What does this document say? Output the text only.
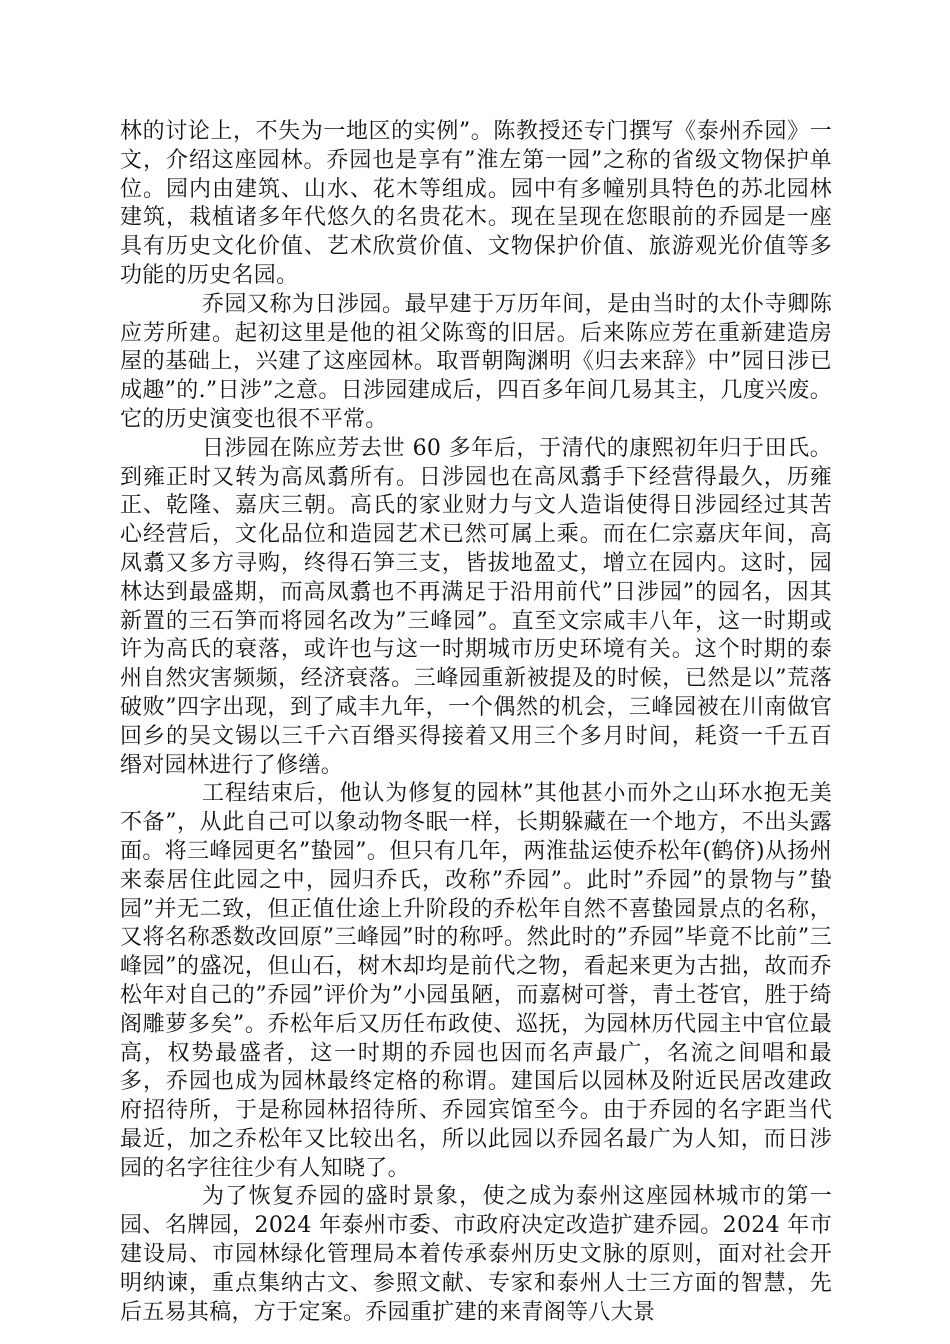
林的讨论上，不失为一地区的实例”。陈教授还专门撰写《泰州乔园》一文，介绍这座园林。乔园也是享有”淮左第一园”之称的省级文物保护单位。园内由建筑、山水、花木等组成。园中有多幢别具特色的苏北园林建筑，栽植诸多年代悠久的名贵花木。现在呈现在您眼前的乔园是一座具有历史文化价值、艺术欣赏价值、文物保护价值、旅游观光价值等多功能的历史名园。

乔园又称为日涉园。最早建于万历年间，是由当时的太仆寺卿陈应芳所建。起初这里是他的祖父陈鸾的旧居。后来陈应芳在重新建造房屋的基础上，兴建了这座园林。取晋朝陶渊明《归去来辞》中”园日涉已成趣”的.”日涉”之意。日涉园建成后，四百多年间几易其主，几度兴废。它的历史演变也很不平常。

日涉园在陈应芳去世 60 多年后，于清代的康熙初年归于田氏。到雍正时又转为高凤翥所有。日涉园也在高凤翥手下经营得最久，历雍正、乾隆、嘉庆三朝。高氏的家业财力与文人造诣使得日涉园经过其苦心经营后，文化品位和造园艺术已然可属上乘。而在仁宗嘉庆年间，高凤翥又多方寻购，终得石笋三支，皆拔地盈丈，增立在园内。这时，园林达到最盛期，而高凤翥也不再满足于沿用前代”日涉园”的园名，因其新置的三石笋而将园名改为”三峰园”。直至文宗咸丰八年，这一时期或许为高氏的衰落，或许也与这一时期城市历史环境有关。这个时期的泰州自然灾害频频，经济衰落。三峰园重新被提及的时候，已然是以”荒落破败”四字出现，到了咸丰九年，一个偶然的机会，三峰园被在川南做官回乡的吴文锡以三千六百缗买得接着又用三个多月时间，耗资一千五百缗对园林进行了修缮。

工程结束后，他认为修复的园林”其他甚小而外之山环水抱无美不备”，从此自己可以象动物冬眠一样，长期躲藏在一个地方，不出头露面。将三峰园更名”蛰园”。但只有几年，两淮盐运使乔松年(鹤侪)从扬州来泰居住此园之中，园归乔氏，改称”乔园”。此时”乔园”的景物与”蛰园”并无二致，但正值仕途上升阶段的乔松年自然不喜蛰园景点的名称，又将名称悉数改回原”三峰园”时的称呼。然此时的”乔园”毕竟不比前”三峰园”的盛况，但山石，树木却均是前代之物，看起来更为古拙，故而乔松年对自己的”乔园”评价为”小园虽陋，而嘉树可誉，青土苍官，胜于绮阁雕萝多矣”。乔松年后又历任布政使、巡抚，为园林历代园主中官位最高，权势最盛者，这一时期的乔园也因而名声最广，名流之间唱和最多，乔园也成为园林最终定格的称谓。建国后以园林及附近民居改建政府招待所，于是称园林招待所、乔园宾馆至今。由于乔园的名字距当代最近，加之乔松年又比较出名，所以此园以乔园名最广为人知，而日涉园的名字往往少有人知晓了。

为了恢复乔园的盛时景象，使之成为泰州这座园林城市的第一园、名牌园，2024 年泰州市委、市政府决定改造扩建乔园。2024 年市建设局、市园林绿化管理局本着传承泰州历史文脉的原则，面对社会开明纳谏，重点集纳古文、参照文献、专家和泰州人士三方面的智慧，先后五易其稿，方于定案。乔园重扩建的来青阁等八大景
